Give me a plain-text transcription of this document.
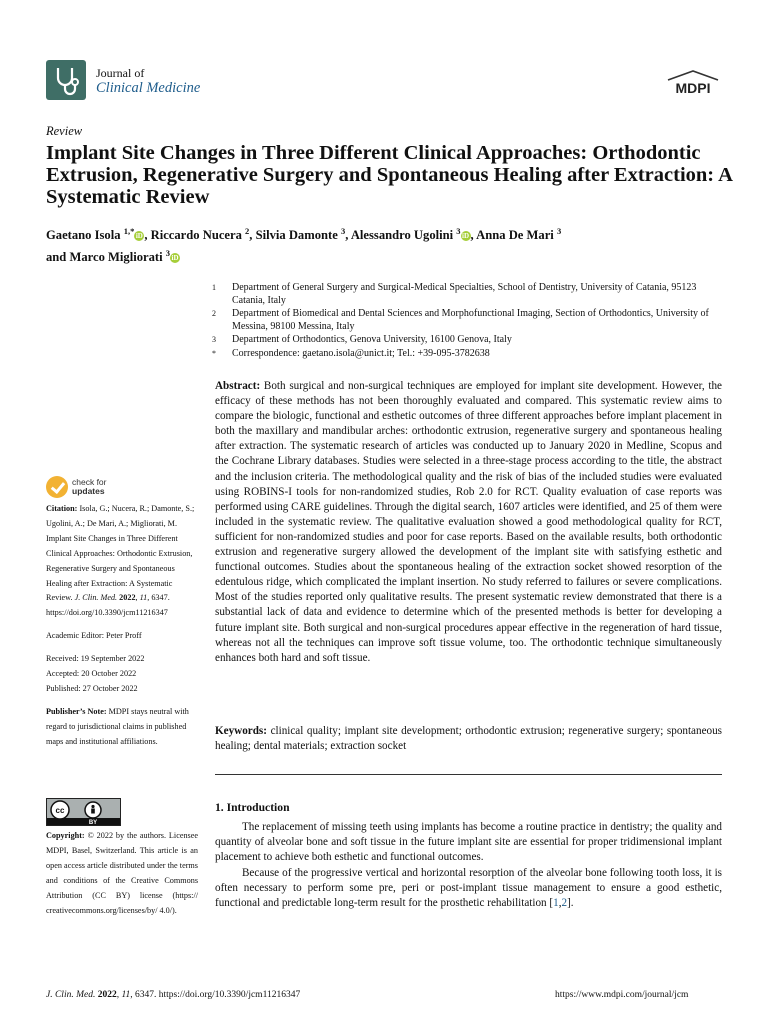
Journal of
Clinical Medicine	MDPI
Review
Implant Site Changes in Three Different Clinical Approaches: Orthodontic Extrusion, Regenerative Surgery and Spontaneous Healing after Extraction: A Systematic Review
Gaetano Isola $^{1,*}$iD , Riccardo Nucera $^2$, Silvia Damonte $^3$, Alessandro Ugolini $^3$iD , Anna De Mari $^3$
and Marco Migliorati $^3$iD
1	Department of General Surgery and Surgical-Medical Specialties, School of Dentistry, University of Catania, 95123 Catania, Italy
2	Department of Biomedical and Dental Sciences and Morphofunctional Imaging, Section of Orthodontics, University of Messina, 98100 Messina, Italy
3	Department of Orthodontics, Genova University, 16100 Genova, Italy
*	Correspondence: gaetano.isola@unict.it; Tel.: +39-095-3782638
Abstract: Both surgical and non-surgical techniques are employed for implant site development. However, the efficacy of these methods has not been thoroughly evaluated and compared. This systematic review aims to compare the biologic, functional and esthetic outcomes of three different approaches before implant placement in both the maxillary and mandibular arches: orthodontic extrusion, regenerative surgery and spontaneous healing after extraction. The systematic research of articles was conducted up to January 2020 in Medline, Scopus and the Cochrane Library databases. Studies were selected in a three-stage process according to the title, the abstract and the inclusion criteria. The methodological quality and the risk of bias of the included studies were evaluated using ROBINS-I tools for non-randomized studies, Rob 2.0 for RCT. Quality evaluation of case reports was performed using CARE guidelines. Through the digital search, 1607 articles were identified, and 25 of them were included in the systematic review. The qualitative evaluation showed a good methodological quality for RCT, sufficient for non-randomized studies and poor for case reports. Based on the available results, both orthodontic extrusion and regenerative surgery allowed the development of the implant site with satisfying esthetic and functional outcomes. Studies about the spontaneous healing of the extraction socket showed resorption of the edentulous ridge, which complicated the implant insertion. No study referred to failures or severe complications. Most of the studies reported only qualitative results. The present systematic review demonstrated that there is a substantial lack of data and evidence to determine which of the presented methods is better for developing a future implant site. Both surgical and non-surgical procedures appear effective in the regeneration of hard tissue, whereas not all the techniques can improve soft tissue volume, too. The orthodontic technique simultaneously enhances both hard and soft tissue.
Keywords: clinical quality; implant site development; orthodontic extrusion; regenerative surgery; spontaneous healing; dental materials; extraction socket
1. Introduction

The replacement of missing teeth using implants has become a routine practice in dentistry; the quality and quantity of alveolar bone and soft tissue in the future implant site are essential for proper tridimensional implant placement to achieve both esthetic and functional outcomes.

Because of the progressive vertical and horizontal resorption of the alveolar bone following tooth loss, it is often necessary to perform some pre, peri or post-implant tissue management to ensure a good esthetic, functional and predictable long-term result for the prosthetic rehabilitation [1,2].

check for
updates

Citation: Isola, G.; Nucera, R.; Damonte, S.; Ugolini, A.; De Mari, A.; Migliorati, M. Implant Site Changes in Three Different Clinical Approaches: Orthodontic Extrusion, Regenerative Surgery and Spontaneous Healing after Extraction: A Systematic Review. J. Clin. Med. 2022, 11, 6347. https://doi.org/10.3390/jcm11216347

Academic Editor: Peter Proff

Received: 19 September 2022

Accepted: 20 October 2022

Published: 27 October 2022

Publisher’s Note: MDPI stays neutral with regard to jurisdictional claims in published maps and institutional affiliations.

cc
BY
Copyright: © 2022 by the authors. Licensee MDPI, Basel, Switzerland. This article is an open access article distributed under the terms and conditions of the Creative Commons Attribution (CC BY) license (https:// creativecommons.org/licenses/by/ 4.0/).
J. Clin. Med. 2022, 11, 6347. https://doi.org/10.3390/jcm11216347	https://www.mdpi.com/journal/jcm
